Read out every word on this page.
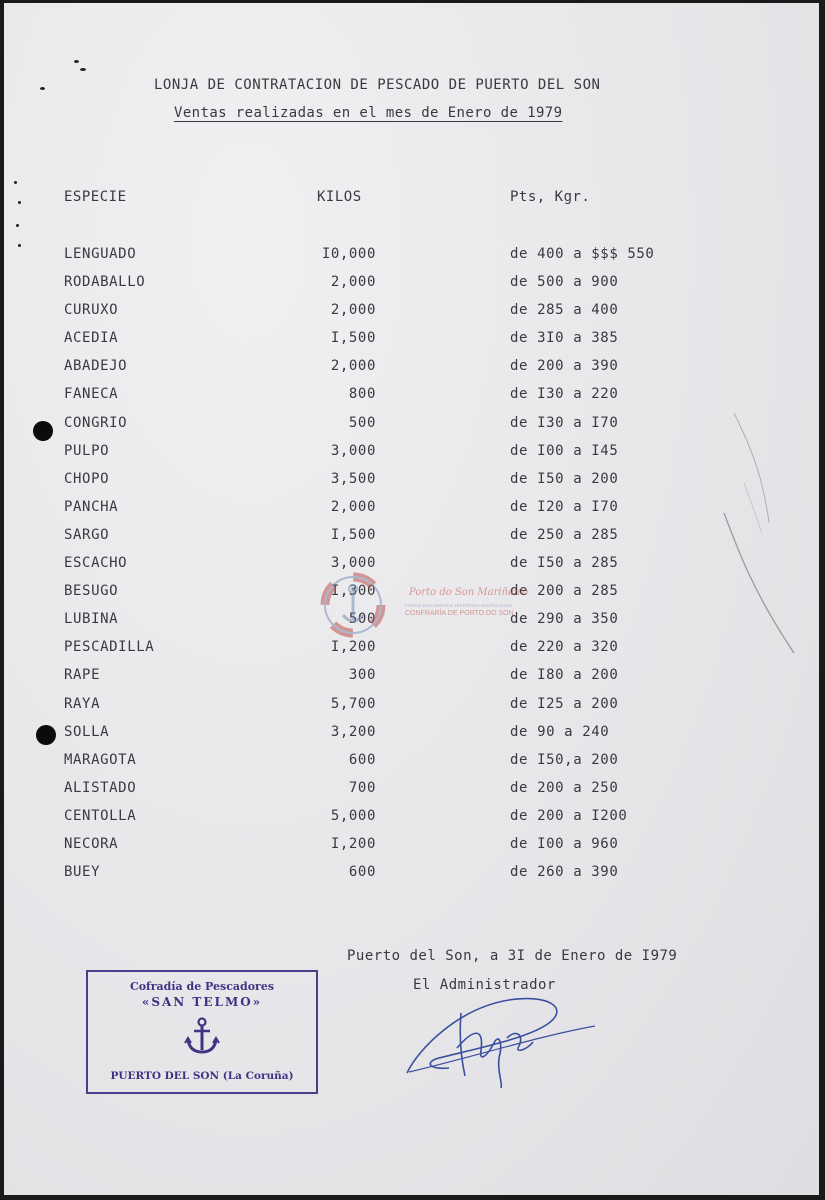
LONJA DE CONTRATACION DE PESCADO DE PUERTO DEL SON
Ventas realizadas en el mes de Enero de 1979
ESPECIE	KILOS	Pts, Kgr.
LENGUADO	I0,000	de 400 a $$$ 550
RODABALLO	2,000	de 500 a 900
CURUXO	2,000	de 285 a 400
ACEDIA	I,500	de 3I0 a 385
ABADEJO	2,000	de 200 a 390
FANECA	800	de I30 a 220
CONGRIO	500	de I30 a I70
PULPO	3,000	de I00 a I45
CHOPO	3,500	de I50 a 200
PANCHA	2,000	de I20 a I70
SARGO	I,500	de 250 a 285
ESCACHO	3,000	de I50 a 285
BESUGO	I,300	de 200 a 285
LUBINA	500	de 290 a 350
PESCADILLA	I,200	de 220 a 320
RAPE	300	de I80 a 200
RAYA	5,700	de I25 a 200
SOLLA	3,200	de 90 a 240
MARAGOTA	600	de I50,a 200
ALISTADO	700	de 200 a 250
CENTOLLA	5,000	de 200 a I200
NECORA	I,200	de I00 a 960
BUEY	600	de 260 a 390
Porto do Son Mariñeiro
FONDO DOCUMENTAL HISTÓRICO DIGITALIZADO
CONFRARÍA DE PORTO DO SON
Puerto del Son, a 3I de Enero de I979
El Administrador
Cofradía de Pescadores
«SAN TELMO»
PUERTO DEL SON (La Coruña)
